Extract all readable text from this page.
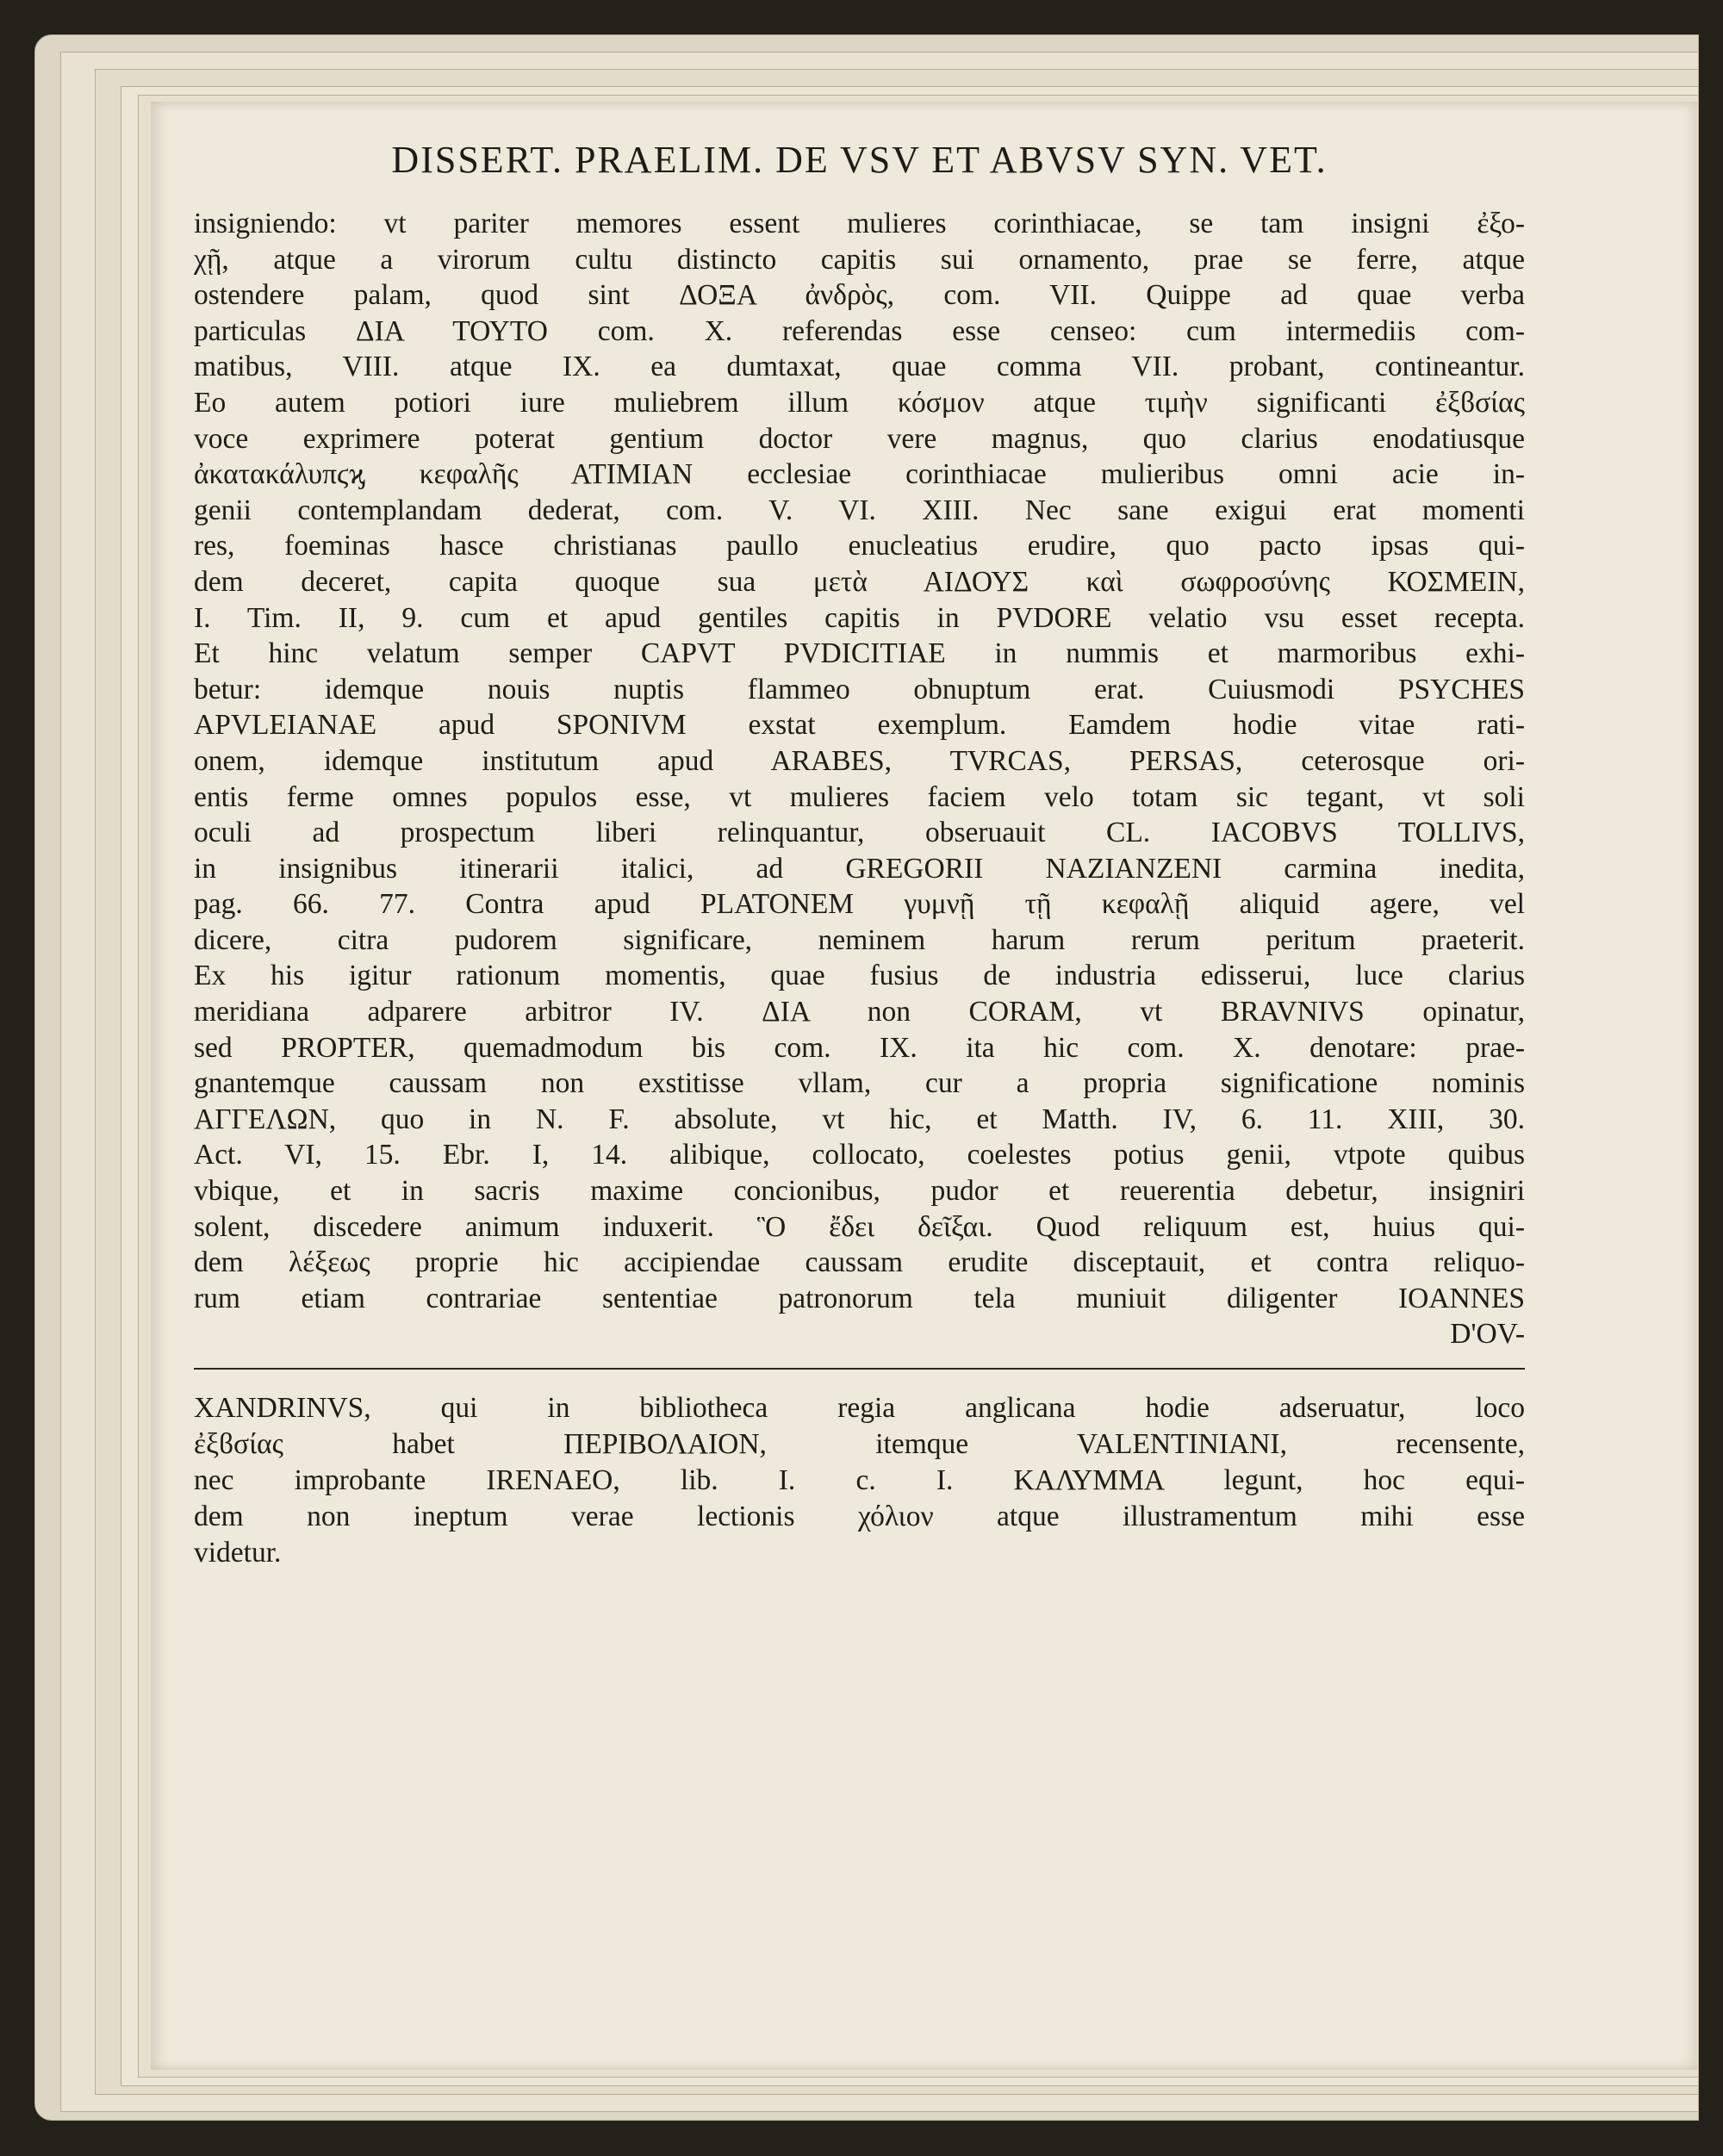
DISSERT. PRAELIM. DE VSV ET ABVSV SYN. VET.
insigniendo: vt pariter memores essent mulieres corinthiacae, se tam insigni ἐξο-
χῇ, atque a virorum cultu distincto capitis sui ornamento, prae se ferre, atque
ostendere palam, quod sint ΔΟΞΑ ἀνδρὸς, com. VII. Quippe ad quae verba
particulas ΔΙΑ ΤΟΥΤΟ com. X. referendas esse censeo: cum intermediis com-
matibus, VIII. atque IX. ea dumtaxat, quae comma VII. probant, contineantur.
Eo autem potiori iure muliebrem illum κόσμον atque τιμὴν significanti ἐξϐσίας
voce exprimere poterat gentium doctor vere magnus, quo clarius enodatiusque
ἀκατακάλυπϛϗ κεφαλῆς ΑΤΙΜΙΑΝ ecclesiae corinthiacae mulieribus omni acie in-
genii contemplandam dederat, com. V. VI. XIII. Nec sane exigui erat momenti
res, foeminas hasce christianas paullo enucleatius erudire, quo pacto ipsas qui-
dem deceret, capita quoque sua μετὰ ΑΙΔΟΥΣ καὶ σωφροσύνης ΚΟΣΜΕΙΝ,
I. Tim. II, 9. cum et apud gentiles capitis in PVDORE velatio vsu esset recepta.
Et hinc velatum semper CAPVT PVDICITIAE in nummis et marmoribus exhi-
betur: idemque nouis nuptis flammeo obnuptum erat. Cuiusmodi PSYCHES
APVLEIANAE apud SPONIVM exstat exemplum. Eamdem hodie vitae rati-
onem, idemque institutum apud ARABES, TVRCAS, PERSAS, ceterosque ori-
entis ferme omnes populos esse, vt mulieres faciem velo totam sic tegant, vt soli
oculi ad prospectum liberi relinquantur, obseruauit CL. IACOBVS TOLLIVS,
in insignibus itinerarii italici, ad GREGORII NAZIANZENI carmina inedita,
pag. 66. 77. Contra apud PLATONEM γυμνῇ τῇ κεφαλῇ aliquid agere, vel
dicere, citra pudorem significare, neminem harum rerum peritum praeterit.
Ex his igitur rationum momentis, quae fusius de industria edisserui, luce clarius
meridiana adparere arbitror IV. ΔΙΑ non CORAM, vt BRAVNIVS opinatur,
sed PROPTER, quemadmodum bis com. IX. ita hic com. X. denotare: prae-
gnantemque caussam non exstitisse vllam, cur a propria significatione nominis
ΑΓΓΕΛΩΝ, quo in N. F. absolute, vt hic, et Matth. IV, 6. 11. XIII, 30.
Act. VI, 15. Ebr. I, 14. alibique, collocato, coelestes potius genii, vtpote quibus
vbique, et in sacris maxime concionibus, pudor et reuerentia debetur, insigniri
solent, discedere animum induxerit. Ὃ ἔδει δεῖξαι. Quod reliquum est, huius qui-
dem λέξεως proprie hic accipiendae caussam erudite disceptauit, et contra reliquo-
rum etiam contrariae sententiae patronorum tela muniuit diligenter IOANNES
D'OV-
XANDRINVS, qui in bibliotheca regia anglicana hodie adseruatur, loco
ἐξϐσίας habet ΠΕΡΙΒΟΛΑΙΟΝ, itemque VALENTINIANI, recensente,
nec improbante IRENAEO, lib. I. c. I. ΚΑΛΥΜΜΑ legunt, hoc equi-
dem non ineptum verae lectionis χόλιον atque illustramentum mihi esse
videtur.
